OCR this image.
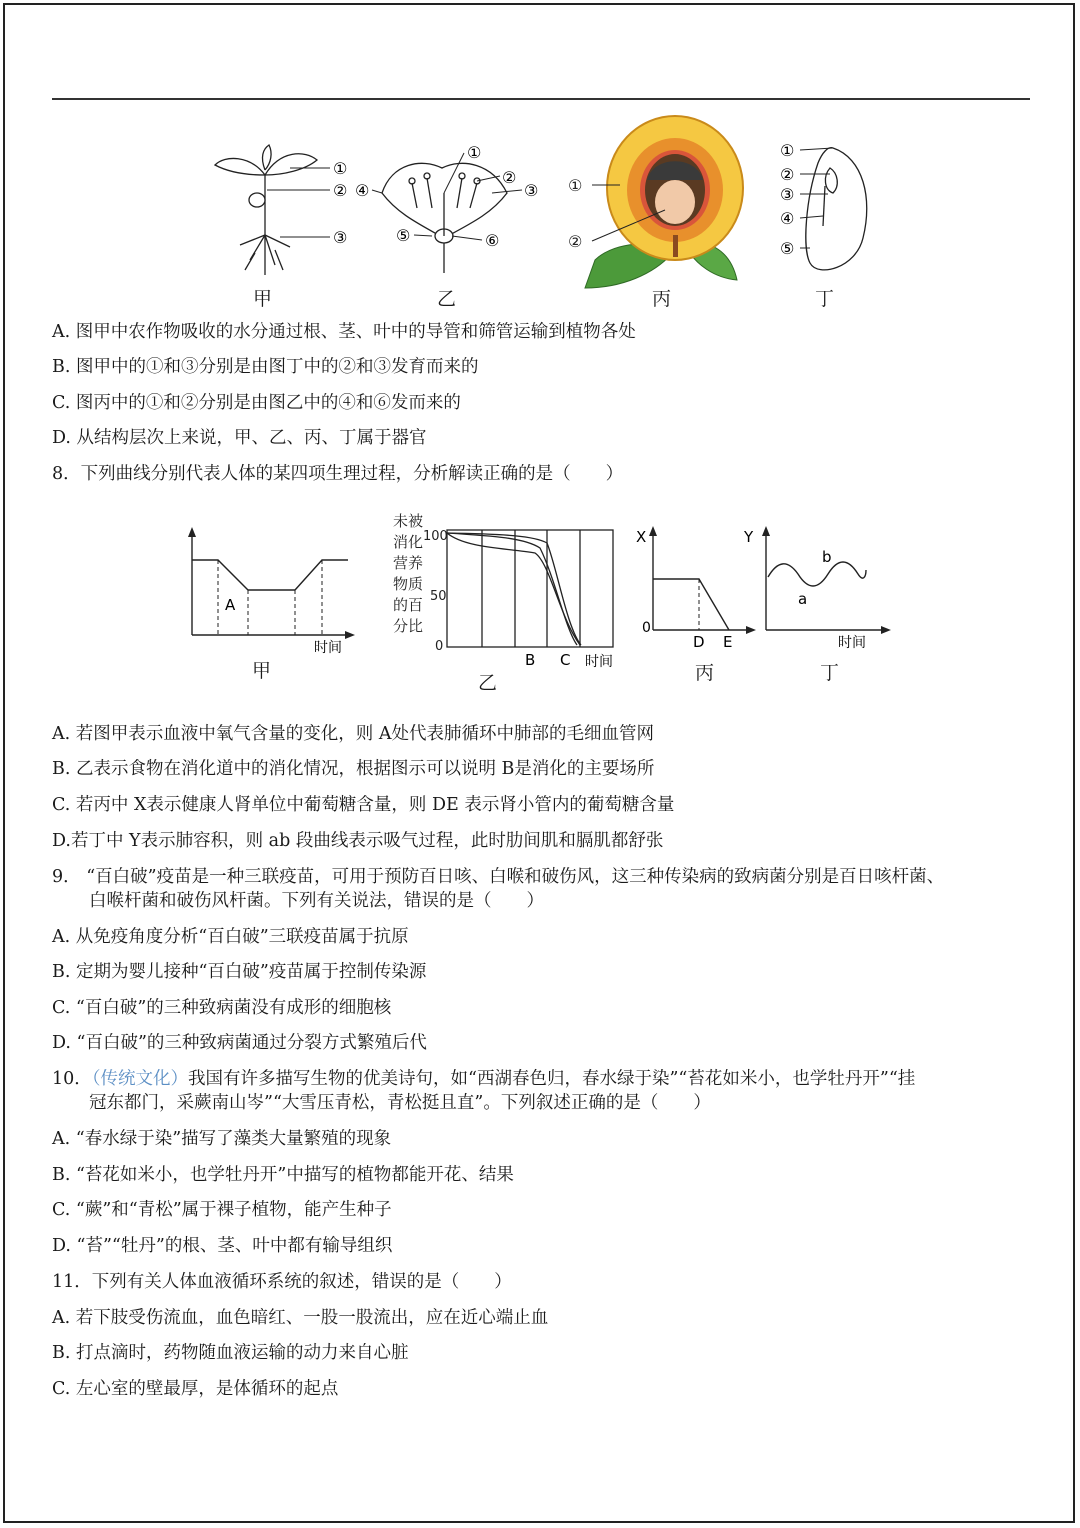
①
②
③
①
②
③
④
⑤	⑥
①
②
①
②
③
④
⑤
甲	乙	丙	丁
A. 图甲中农作物吸收的水分通过根、茎、叶中的导管和筛管运输到植物各处
B. 图甲中的①和③分别是由图丁中的②和③发育而来的
C. 图丙中的①和②分别是由图乙中的④和⑥发而来的
D. 从结构层次上来说，甲、乙、丙、丁属于器官
8．下列曲线分别代表人体的某四项生理过程，分析解读正确的是（　　）
A
时间
未被
消化
营养
物质
的百
分比
100
50
0
B C 时间
X
0
D E
Y
a
b
时间
甲
乙	丙	丁
A. 若图甲表示血液中氧气含量的变化，则 A处代表肺循环中肺部的毛细血管网
B. 乙表示食物在消化道中的消化情况，根据图示可以说明 B是消化的主要场所
C. 若丙中 X表示健康人肾单位中葡萄糖含量，则 DE 表示肾小管内的葡萄糖含量
D.若丁中 Y表示肺容积，则 ab 段曲线表示吸气过程，此时肋间肌和膈肌都舒张
9． “百白破”疫苗是一种三联疫苗，可用于预防百日咳、白喉和破伤风，这三种传染病的致病菌分别是百日咳杆菌、
白喉杆菌和破伤风杆菌。下列有关说法，错误的是（　　）
A. 从免疫角度分析“百白破”三联疫苗属于抗原
B. 定期为婴儿接种“百白破”疫苗属于控制传染源
C. “百白破”的三种致病菌没有成形的细胞核
D. “百白破”的三种致病菌通过分裂方式繁殖后代
10．（传统文化）我国有许多描写生物的优美诗句，如“西湖春色归，春水绿于染”“苔花如米小，也学牡丹开”“挂
冠东都门，采蕨南山岑”“大雪压青松，青松挺且直”。下列叙述正确的是（　　）
A. “春水绿于染”描写了藻类大量繁殖的现象
B. “苔花如米小，也学牡丹开”中描写的植物都能开花、结果
C. “蕨”和“青松”属于裸子植物，能产生种子
D. “苔”“牡丹”的根、茎、叶中都有输导组织
11．下列有关人体血液循环系统的叙述，错误的是（　　）
A. 若下肢受伤流血，血色暗红、一股一股流出，应在近心端止血
B. 打点滴时，药物随血液运输的动力来自心脏
C. 左心室的壁最厚，是体循环的起点
